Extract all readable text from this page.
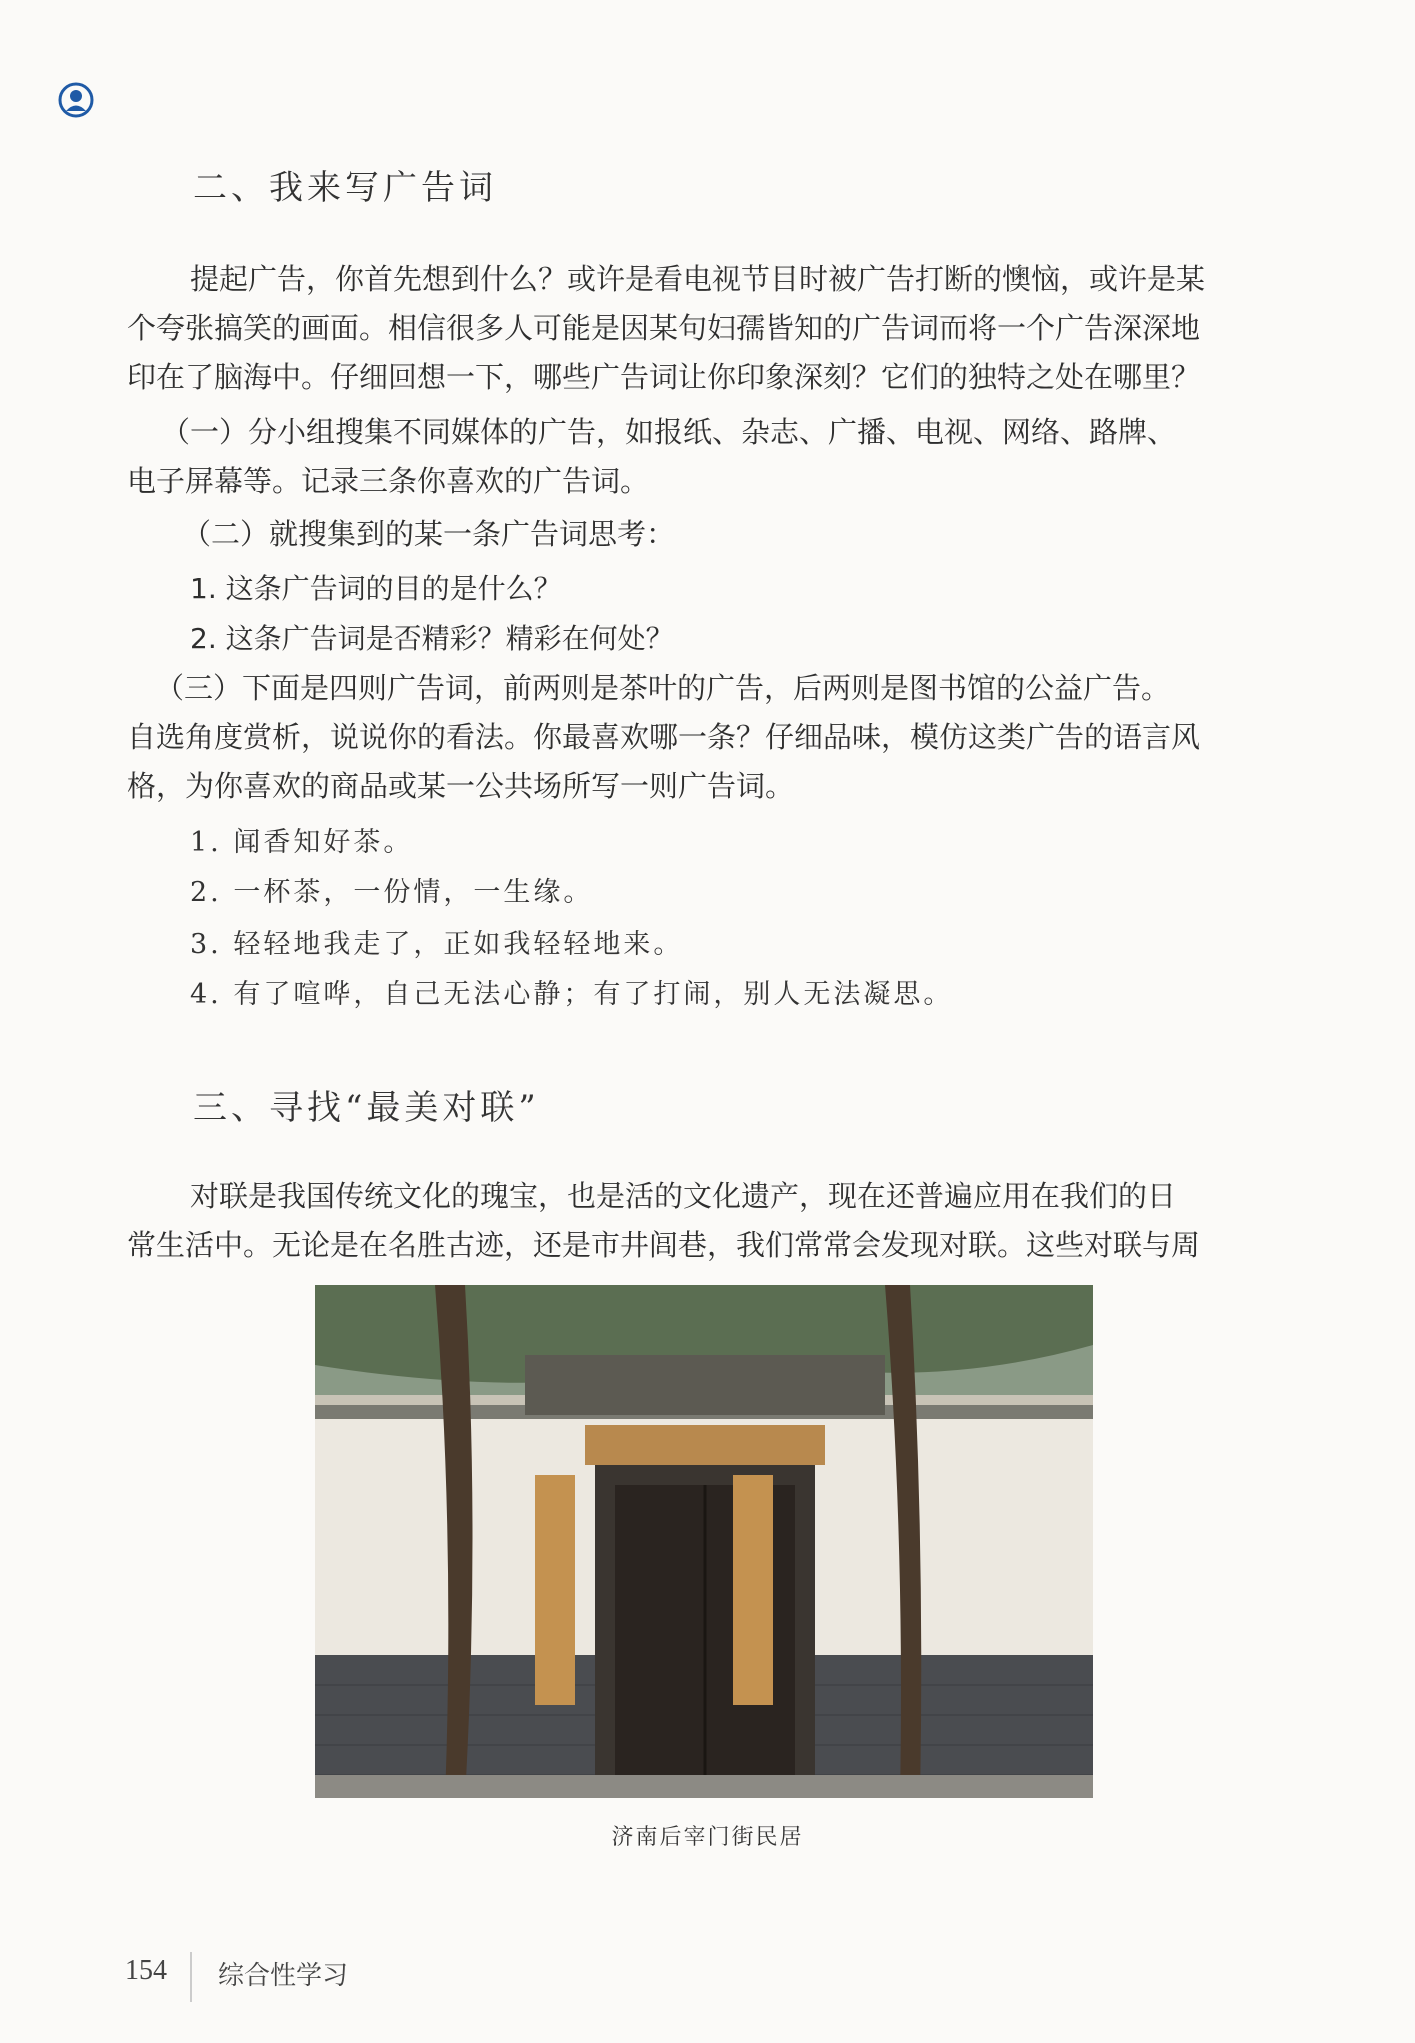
二、我来写广告词
提起广告，你首先想到什么？或许是看电视节目时被广告打断的懊恼，或许是某
个夸张搞笑的画面。相信很多人可能是因某句妇孺皆知的广告词而将一个广告深深地
印在了脑海中。仔细回想一下，哪些广告词让你印象深刻？它们的独特之处在哪里？
（一）分小组搜集不同媒体的广告，如报纸、杂志、广播、电视、网络、路牌、
电子屏幕等。记录三条你喜欢的广告词。
（二）就搜集到的某一条广告词思考：
1. 这条广告词的目的是什么？
2. 这条广告词是否精彩？精彩在何处？
（三）下面是四则广告词，前两则是茶叶的广告，后两则是图书馆的公益广告。
自选角度赏析，说说你的看法。你最喜欢哪一条？仔细品味，模仿这类广告的语言风
格，为你喜欢的商品或某一公共场所写一则广告词。
1. 闻香知好茶。
2. 一杯茶，一份情，一生缘。
3. 轻轻地我走了，正如我轻轻地来。
4. 有了喧哗，自己无法心静；有了打闹，别人无法凝思。
三、寻找“最美对联”
对联是我国传统文化的瑰宝，也是活的文化遗产，现在还普遍应用在我们的日
常生活中。无论是在名胜古迹，还是市井闾巷，我们常常会发现对联。这些对联与周
济南后宰门街民居
154 综合性学习
